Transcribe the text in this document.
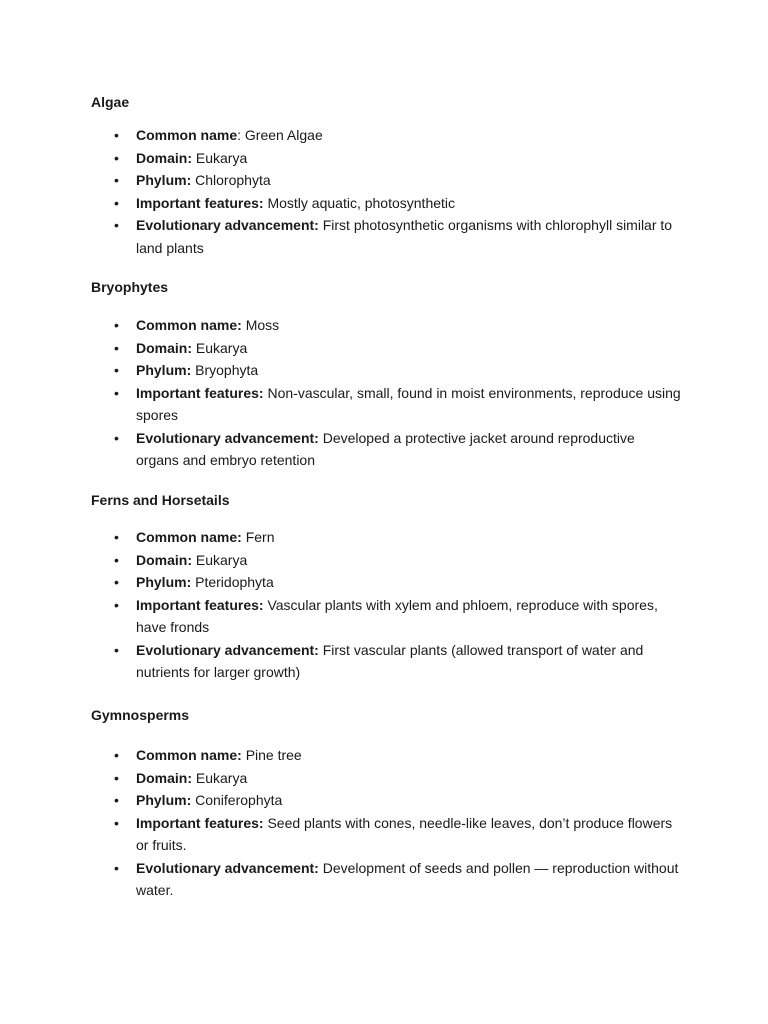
Algae
• Common name: Green Algae
• Domain: Eukarya
• Phylum: Chlorophyta
• Important features: Mostly aquatic, photosynthetic
• Evolutionary advancement: First photosynthetic organisms with chlorophyll similar to land plants
Bryophytes
• Common name: Moss
• Domain: Eukarya
• Phylum: Bryophyta
• Important features: Non-vascular, small, found in moist environments, reproduce using spores
• Evolutionary advancement: Developed a protective jacket around reproductive organs and embryo retention
Ferns and Horsetails
• Common name: Fern
• Domain: Eukarya
• Phylum: Pteridophyta
• Important features: Vascular plants with xylem and phloem, reproduce with spores, have fronds
• Evolutionary advancement: First vascular plants (allowed transport of water and nutrients for larger growth)
Gymnosperms
• Common name: Pine tree
• Domain: Eukarya
• Phylum: Coniferophyta
• Important features: Seed plants with cones, needle-like leaves, don’t produce flowers or fruits.
• Evolutionary advancement: Development of seeds and pollen — reproduction without water.
